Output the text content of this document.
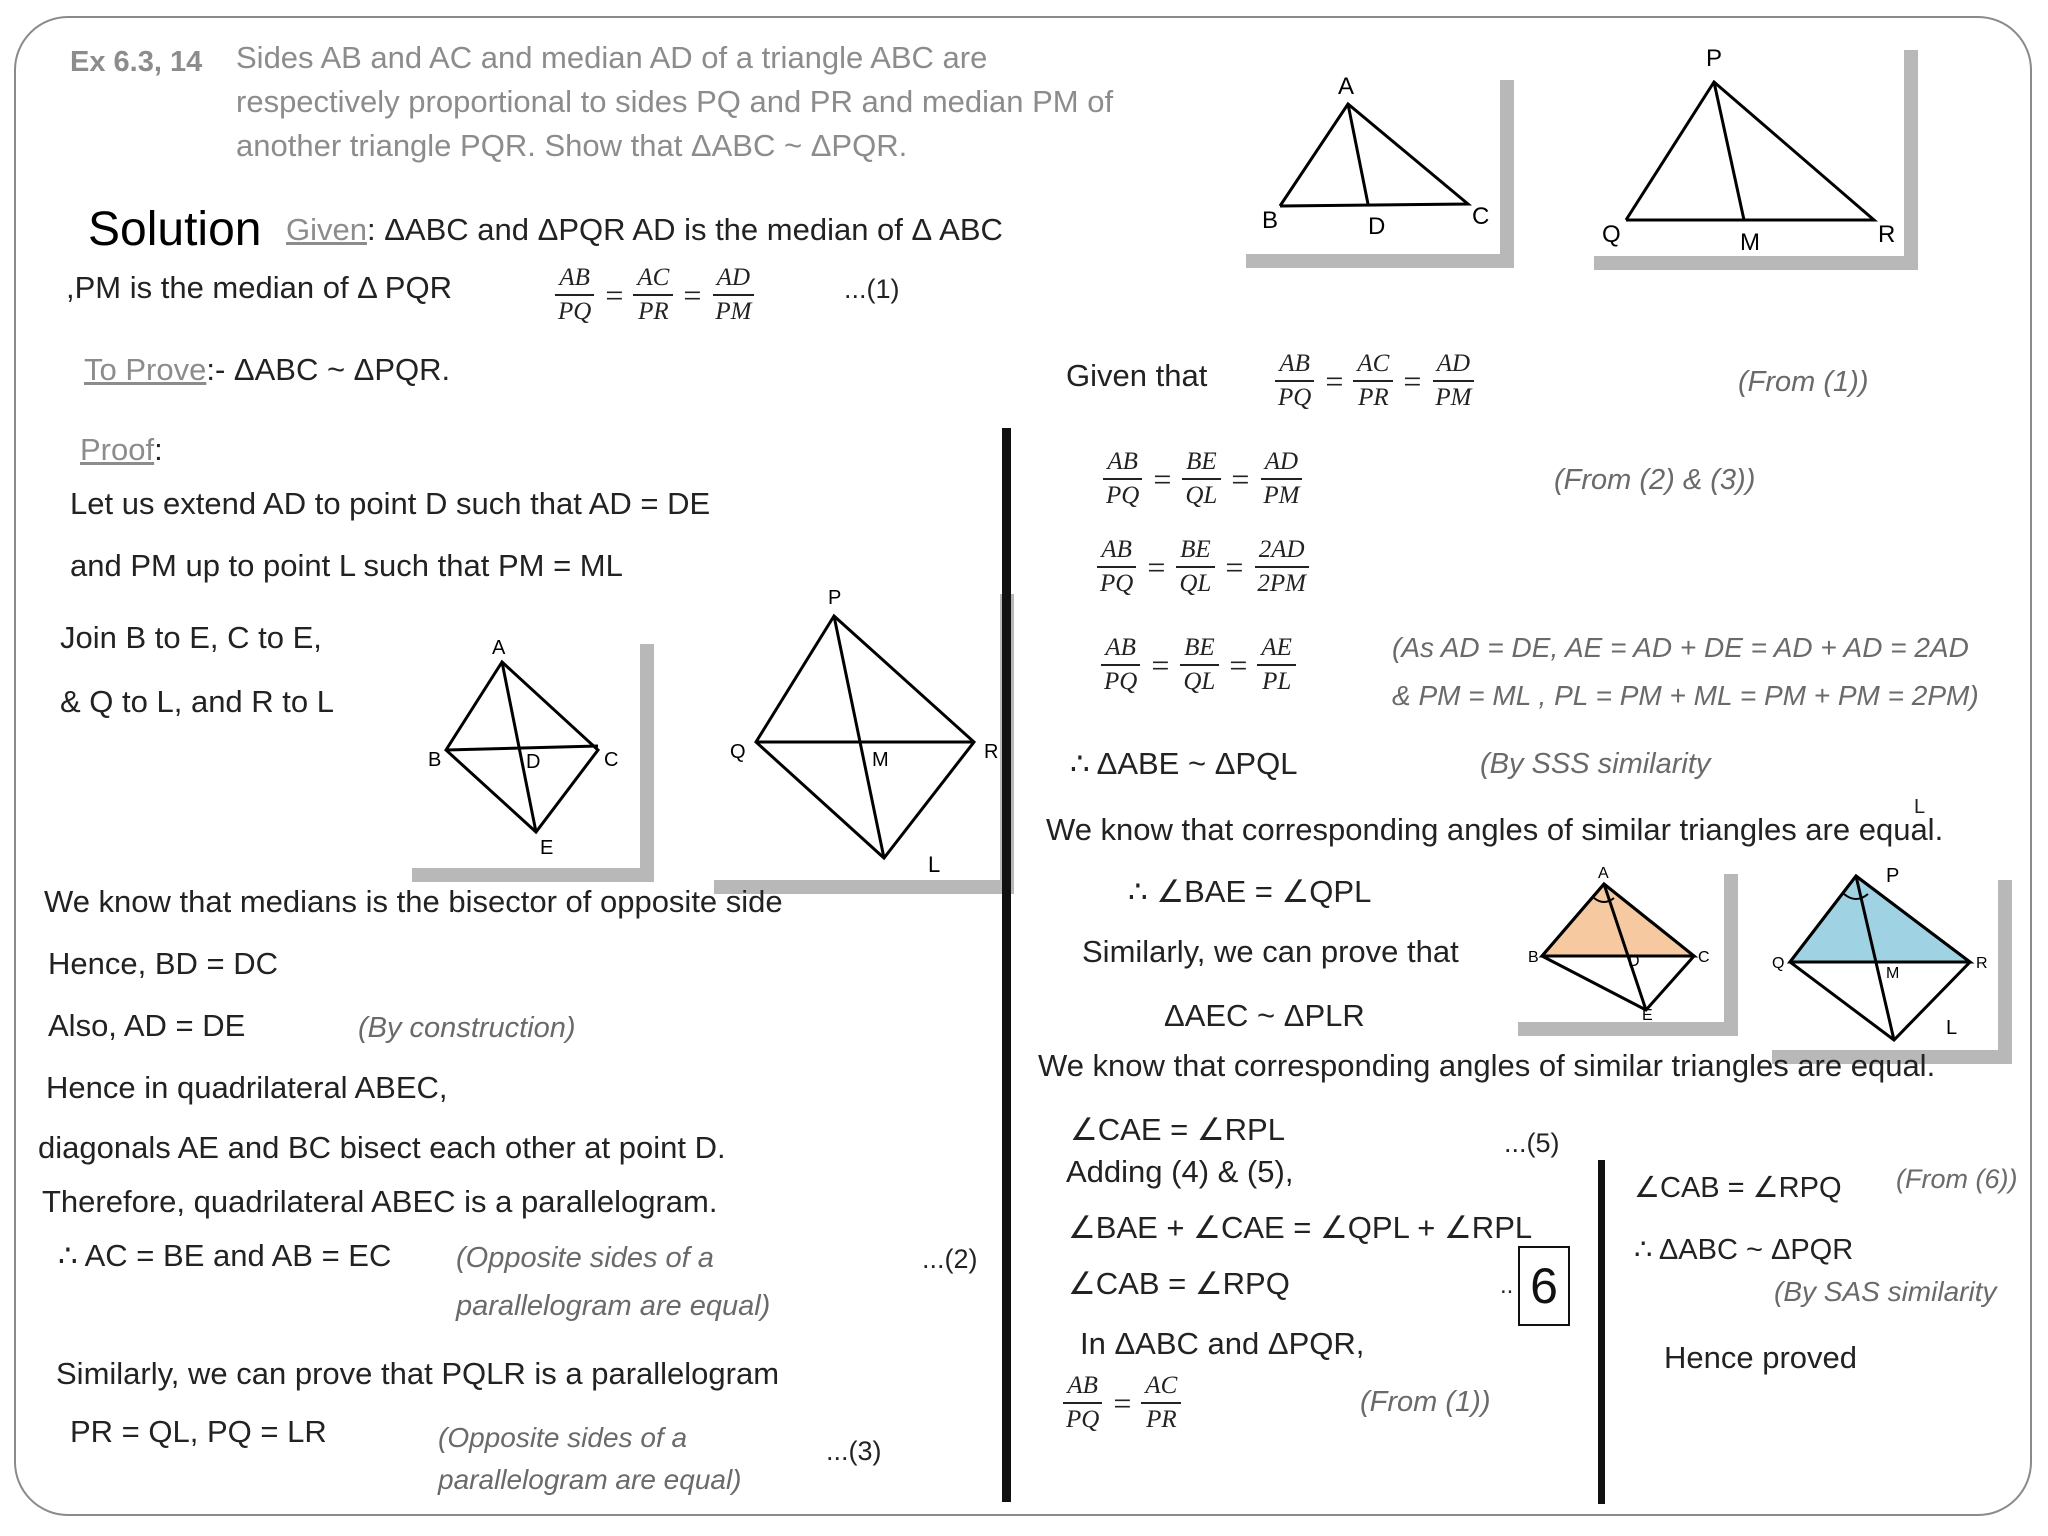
Ex 6.3, 14 Sides AB and AC and median AD of a triangle ABC are
respectively proportional to sides PQ and PR and median PM of
another triangle PQR. Show that ΔABC ~ ΔPQR.
A
B	D	C
P
Q	M	R
Solution Given: ΔABC and ΔPQR AD is the median of Δ ABC
,PM is the median of Δ PQR	$\frac{AB}{PQ} = \frac{AC}{PR} = \frac{AD}{PM}$	...(1)
To Prove:- ΔABC ~ ΔPQR.
Proof:
Let us extend AD to point D such that AD = DE
and PM up to point L such that PM = ML
Join B to E, C to E,
& Q to L, and R to L
A
B	D	C
E
P
Q	M	R
L
We know that medians is the bisector of opposite side
Hence, BD = DC
Also, AD = DE	(By construction)
Hence in quadrilateral ABEC,
diagonals AE and BC bisect each other at point D.
Therefore, quadrilateral ABEC is a parallelogram.
∴ AC = BE and AB = EC (Opposite sides of a
parallelogram are equal)
...(2)
Similarly, we can prove that PQLR is a parallelogram
PR = QL, PQ = LR	(Opposite sides of a
parallelogram are equal)
...(3)
Given that	$\frac{AB}{PQ} = \frac{AC}{PR} = \frac{AD}{PM}$	(From (1))
$\frac{AB}{PQ} = \frac{BE}{QL} = \frac{AD}{PM}$	(From (2) & (3))
$\frac{AB}{PQ} = \frac{BE}{QL} = \frac{2AD}{2PM}$
$\frac{AB}{PQ} = \frac{BE}{QL} = \frac{AE}{PL}$	(As AD = DE, AE = AD + DE = AD + AD = 2AD
& PM = ML , PL = PM + ML = PM + PM = 2PM)
∴ ΔABE ~ ΔPQL	(By SSS similarity
L
We know that corresponding angles of similar triangles are equal.
∴ ∠BAE = ∠QPL
Similarly, we can prove that
ΔAEC ~ ΔPLR
A
B	D	C
E
P
Q
M
R
L
We know that corresponding angles of similar triangles are equal.
∠CAE = ∠RPL	...(5)
Adding (4) & (5),
∠BAE + ∠CAE = ∠QPL + ∠RPL
∠CAB = ∠RPQ	.. 6
In ΔABC and ΔPQR,
$\frac{AB}{PQ} = \frac{AC}{PR}$	(From (1))
∠CAB = ∠RPQ (From (6))
∴ ΔABC ~ ΔPQR
(By SAS similarity
Hence proved
